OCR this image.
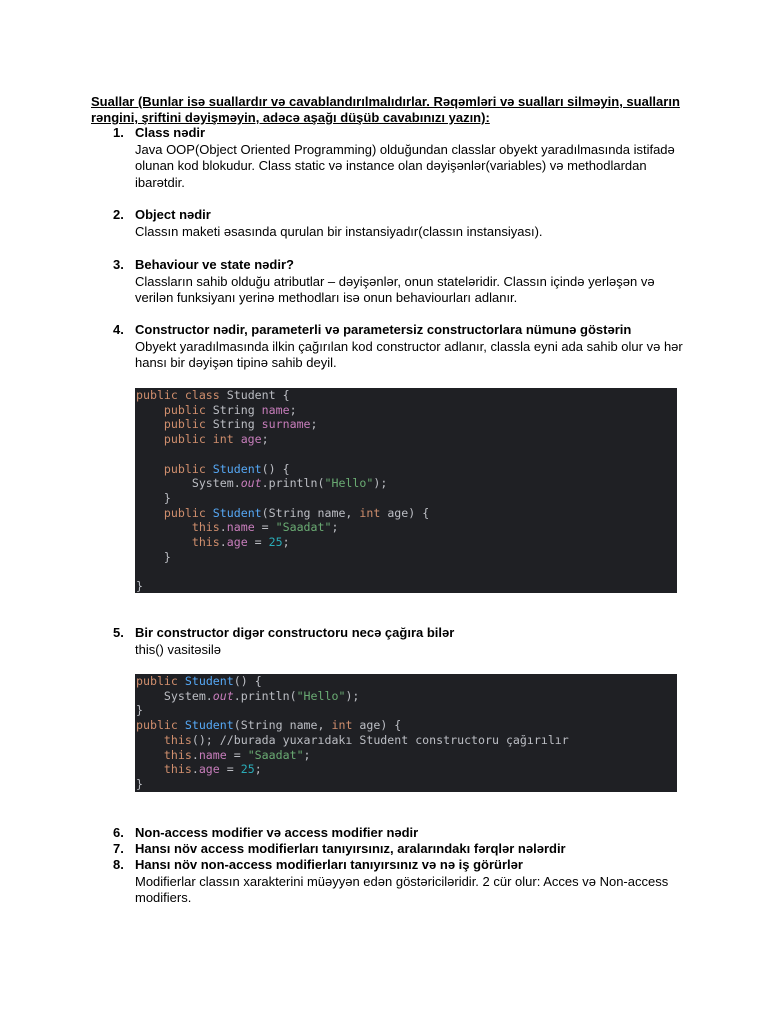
Suallar (Bunlar isə suallardır və cavablandırılmalıdırlar. Rəqəmləri və sualları silməyin, sualların rəngini, şriftini dəyişməyin, adəcə aşağı düşüb cavabınızı yazın):
1. Class nədir
Java OOP(Object Oriented Programming) olduğundan classlar obyekt yaradılmasında istifadə olunan kod blokudur. Class static və instance olan dəyişənlər(variables) və methodlardan ibarətdir.
2. Object nədir
Classın maketi əsasında qurulan bir instansiyadır(classın instansiyası).
3. Behaviour ve state nədir?
Classların sahib olduğu atributlar – dəyişənlər, onun stateləridir. Classın içində yerləşən və verilən funksiyanı yerinə methodları isə onun behaviourları adlanır.
4. Constructor nədir, parameterli və parametersiz constructorlara nümunə göstərin
Obyekt yaradılmasında ilkin çağırılan kod constructor adlanır, classla eyni ada sahib olur və hər hansı bir dəyişən tipinə sahib deyil.
public class Student {
public String name;
public String surname;
public int age;
public Student() {
System.out.println("Hello");
}
public Student(String name, int age) {
this.name = "Saadat";
this.age = 25;
}
}
5. Bir constructor digər constructoru necə çağıra bilər
this() vasitəsilə
public Student() {
System.out.println("Hello");
}
public Student(String name, int age) {
this(); //burada yuxarıdakı Student constructoru çağırılır
this.name = "Saadat";
this.age = 25;
}
6. Non-access modifier və access modifier nədir
7. Hansı növ access modifierları tanıyırsınız, aralarındakı fərqlər nələrdir
8. Hansı növ non-access modifierları tanıyırsınız və nə iş görürlər
Modifierlar classın xarakterini müəyyən edən göstəriciləridir. 2 cür olur: Acces və Non-access modifiers.
